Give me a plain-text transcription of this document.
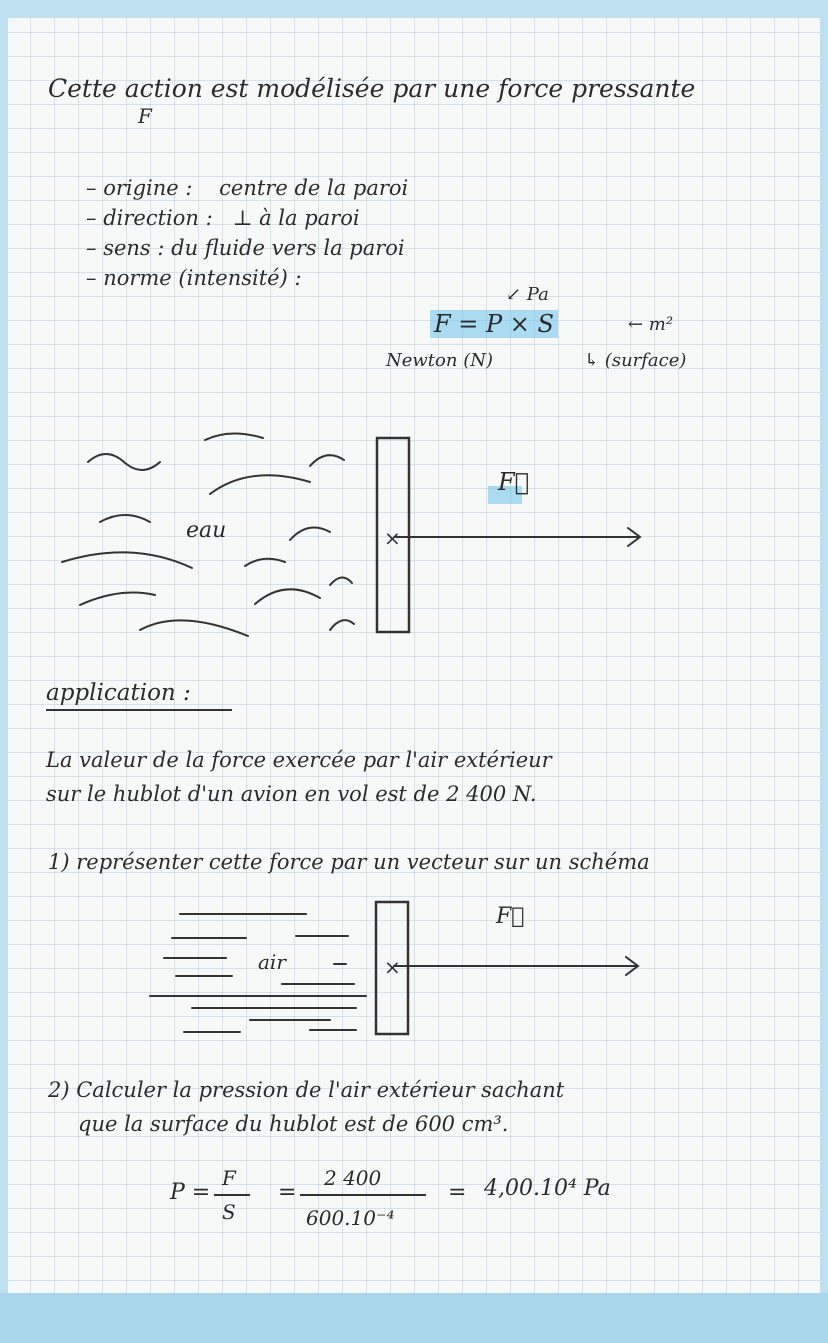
Cette action est modélisée par une force pressante
F
– origine : centre de la paroi
– direction : ⊥ à la paroi
– sens : du fluide vers la paroi
– norme (intensité) :
↙ Pa
F = P × S	← m²
Newton (N)	↳ (surface)
eau
F⃗
×
application :
La valeur de la force exercée par l'air extérieur
sur le hublot d'un avion en vol est de 2 400 N.
1) représenter cette force par un vecteur sur un schéma
air
F⃗
×
2) Calculer la pression de l'air extérieur sachant
que la surface du hublot est de 600 cm³.
P =
F
S
=
2 400
600.10⁻⁴
= 4,00.10⁴ Pa
